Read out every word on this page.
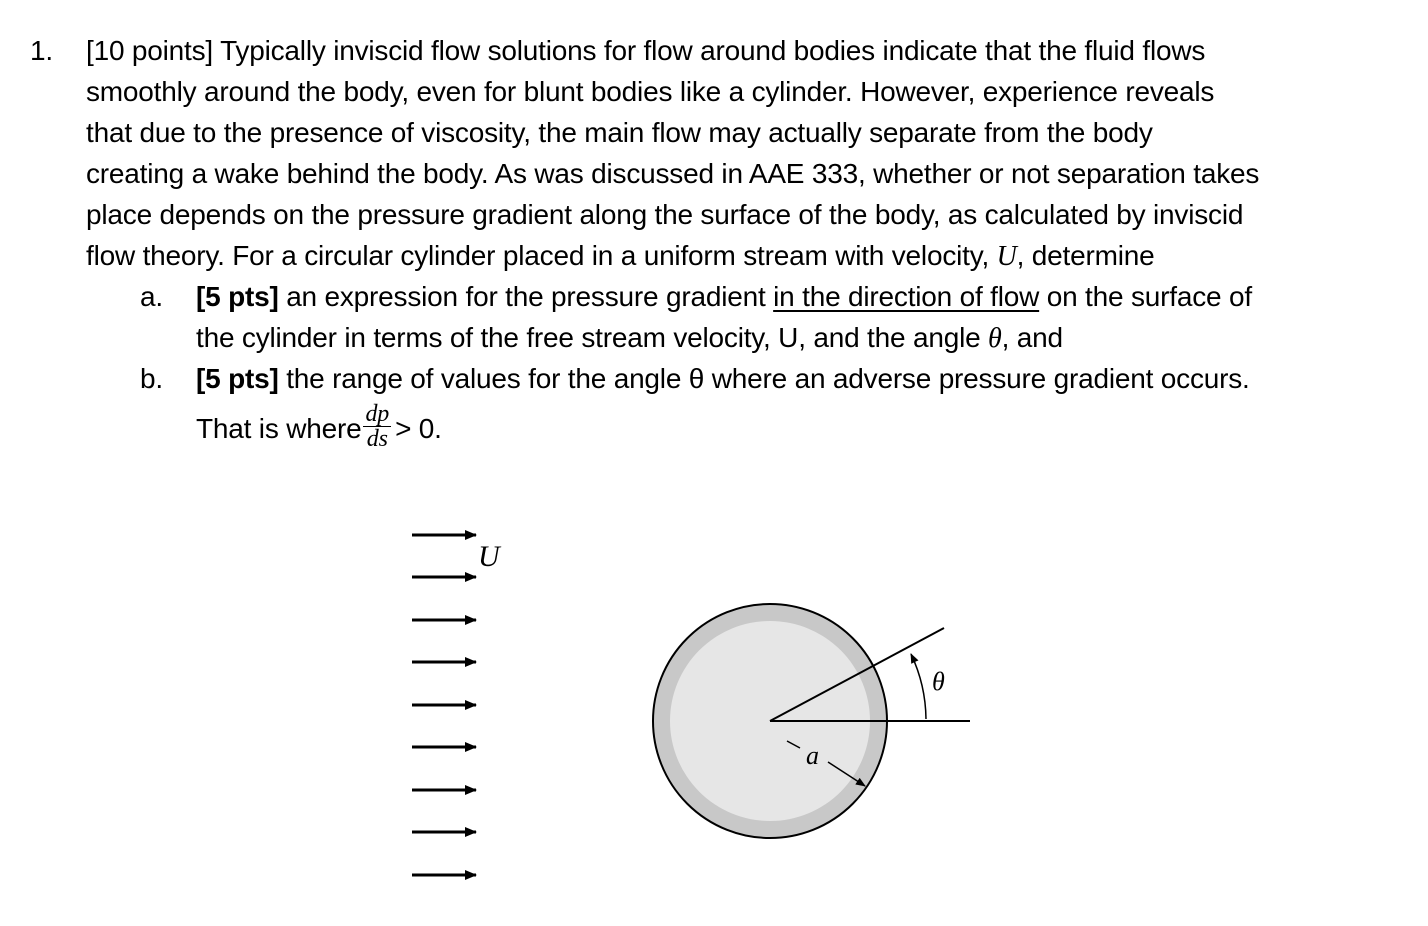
1. [10 points] Typically inviscid flow solutions for flow around bodies indicate that the fluid flows
smoothly around the body, even for blunt bodies like a cylinder. However, experience reveals
that due to the presence of viscosity, the main flow may actually separate from the body
creating a wake behind the body. As was discussed in AAE 333, whether or not separation takes
place depends on the pressure gradient along the surface of the body, as calculated by inviscid
flow theory. For a circular cylinder placed in a uniform stream with velocity, U, determine
a. [5 pts] an expression for the pressure gradient in the direction of flow on the surface of
the cylinder in terms of the free stream velocity, U, and the angle θ, and
b. [5 pts] the range of values for the angle θ where an adverse pressure gradient occurs.
That is where $\frac{dp}{ds} > 0$.
U
θ
a
